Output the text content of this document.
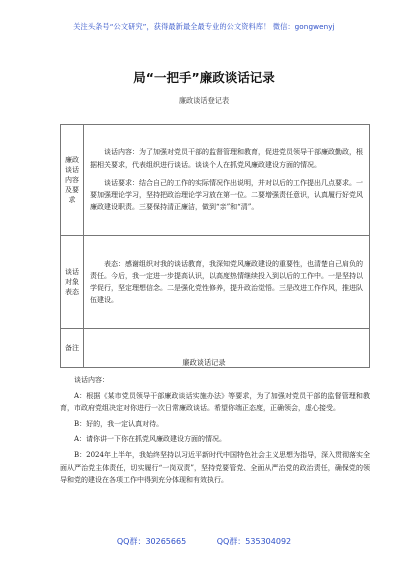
关注头条号“公文研究”，获得最新最全最专业的公文资料库！ 微信：gongwenyj
局“一把手”廉政谈话记录
廉政谈话登记表
廉政谈话内容及要求	谈话内容：为了加强对党员干部的监督管理和教育，促进党员领导干部廉政勤政，根据相关要求，代表组织进行谈话。谈谈个人在抓党风廉政建设方面的情况。

谈话要求：结合自己的工作的实际情况作出说明，并对以后的工作提出几点要求。一要加强理论学习，坚持把政治理论学习放在第一位。二要增强责任意识，认真履行好党风廉政建设职责。三要保持清正廉洁，做到“亲”和“清”。

谈话对象表态	表态：感谢组织对我的谈话教育，我深知党风廉政建设的重要性，也清楚自己肩负的责任。今后，我一定进一步提高认识，以高度热情继续投入到以后的工作中。一是坚持以学促行，坚定理想信念。二是强化党性修养，提升政治觉悟。三是改进工作作风，推进队伍建设。

备注	
廉政谈话记录

谈话内容：

A：根据《某市党员领导干部廉政谈话实施办法》等要求，为了加强对党员干部的监督管理和教育，市政府党组决定对你进行一次日常廉政谈话。希望你端正态度，正确领会，虚心接受。

B：好的，我一定认真对待。

A：请你讲一下你在抓党风廉政建设方面的情况。

B：2024年上半年，我始终坚持以习近平新时代中国特色社会主义思想为指导，深入贯彻落实全面从严治党主体责任，切实履行“一岗双责”，坚持党要管党、全面从严治党的政治责任，确保党的领导和党的建设在各项工作中得到充分体现和有效执行。

QQ群：30265665	QQ群：535304092
